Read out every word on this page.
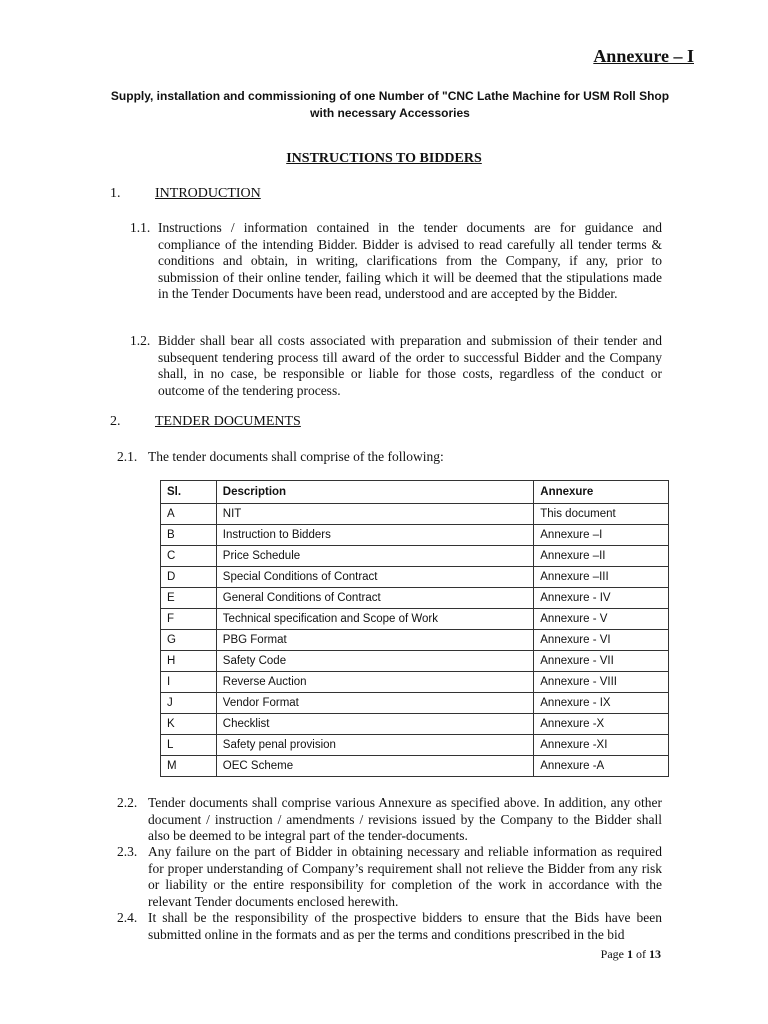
Annexure – I
Supply, installation and commissioning of one Number of "CNC Lathe Machine for USM Roll Shop
with necessary Accessories
INSTRUCTIONS TO BIDDERS
1. INTRODUCTION
1.1. Instructions / information contained in the tender documents are for guidance and compliance of the intending Bidder. Bidder is advised to read carefully all tender terms & conditions and obtain, in writing, clarifications from the Company, if any, prior to submission of their online tender, failing which it will be deemed that the stipulations made in the Tender Documents have been read, understood and are accepted by the Bidder.
1.2. Bidder shall bear all costs associated with preparation and submission of their tender and subsequent tendering process till award of the order to successful Bidder and the Company shall, in no case, be responsible or liable for those costs, regardless of the conduct or outcome of the tendering process.
2. TENDER DOCUMENTS
2.1. The tender documents shall comprise of the following:
Sl.	Description	Annexure
A	NIT	This document
B	Instruction to Bidders	Annexure –I
C	Price Schedule	Annexure –II
D	Special Conditions of Contract	Annexure –III
E	General Conditions of Contract	Annexure - IV
F	Technical specification and Scope of Work	Annexure - V
G	PBG Format	Annexure - VI
H	Safety Code	Annexure - VII
I	Reverse Auction	Annexure - VIII
J	Vendor Format	Annexure - IX
K	Checklist	Annexure -X
L	Safety penal provision	Annexure -XI
M	OEC Scheme	Annexure -A
2.2. Tender documents shall comprise various Annexure as specified above. In addition, any other document / instruction / amendments / revisions issued by the Company to the Bidder shall also be deemed to be integral part of the tender-documents.
2.3. Any failure on the part of Bidder in obtaining necessary and reliable information as required for proper understanding of Company’s requirement shall not relieve the Bidder from any risk or liability or the entire responsibility for completion of the work in accordance with the relevant Tender documents enclosed herewith.
2.4. It shall be the responsibility of the prospective bidders to ensure that the Bids have been submitted online in the formats and as per the terms and conditions prescribed in the bid
Page 1 of 13
